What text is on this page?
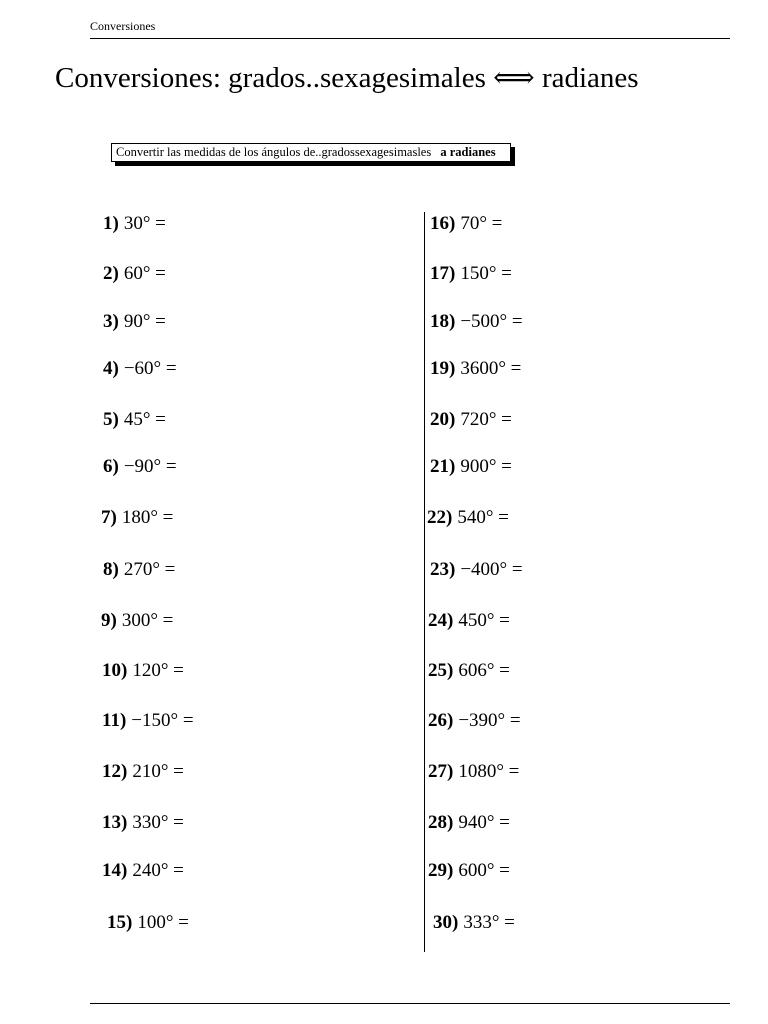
Conversiones
Conversiones: grados..sexagesimales ⟺ radianes
Convertir las medidas de los ángulos de..gradossexagesimasles a radianes
1) 30° =
2) 60° =
3) 90° =
4) −60° =
5) 45° =
6) −90° =
7) 180° =
8) 270° =
9) 300° =
10) 120° =
11) −150° =
12) 210° =
13) 330° =
14) 240° =
15) 100° =
16) 70° =
17) 150° =
18) −500° =
19) 3600° =
20) 720° =
21) 900° =
22) 540° =
23) −400° =
24) 450° =
25) 606° =
26) −390° =
27) 1080° =
28) 940° =
29) 600° =
30) 333° =
